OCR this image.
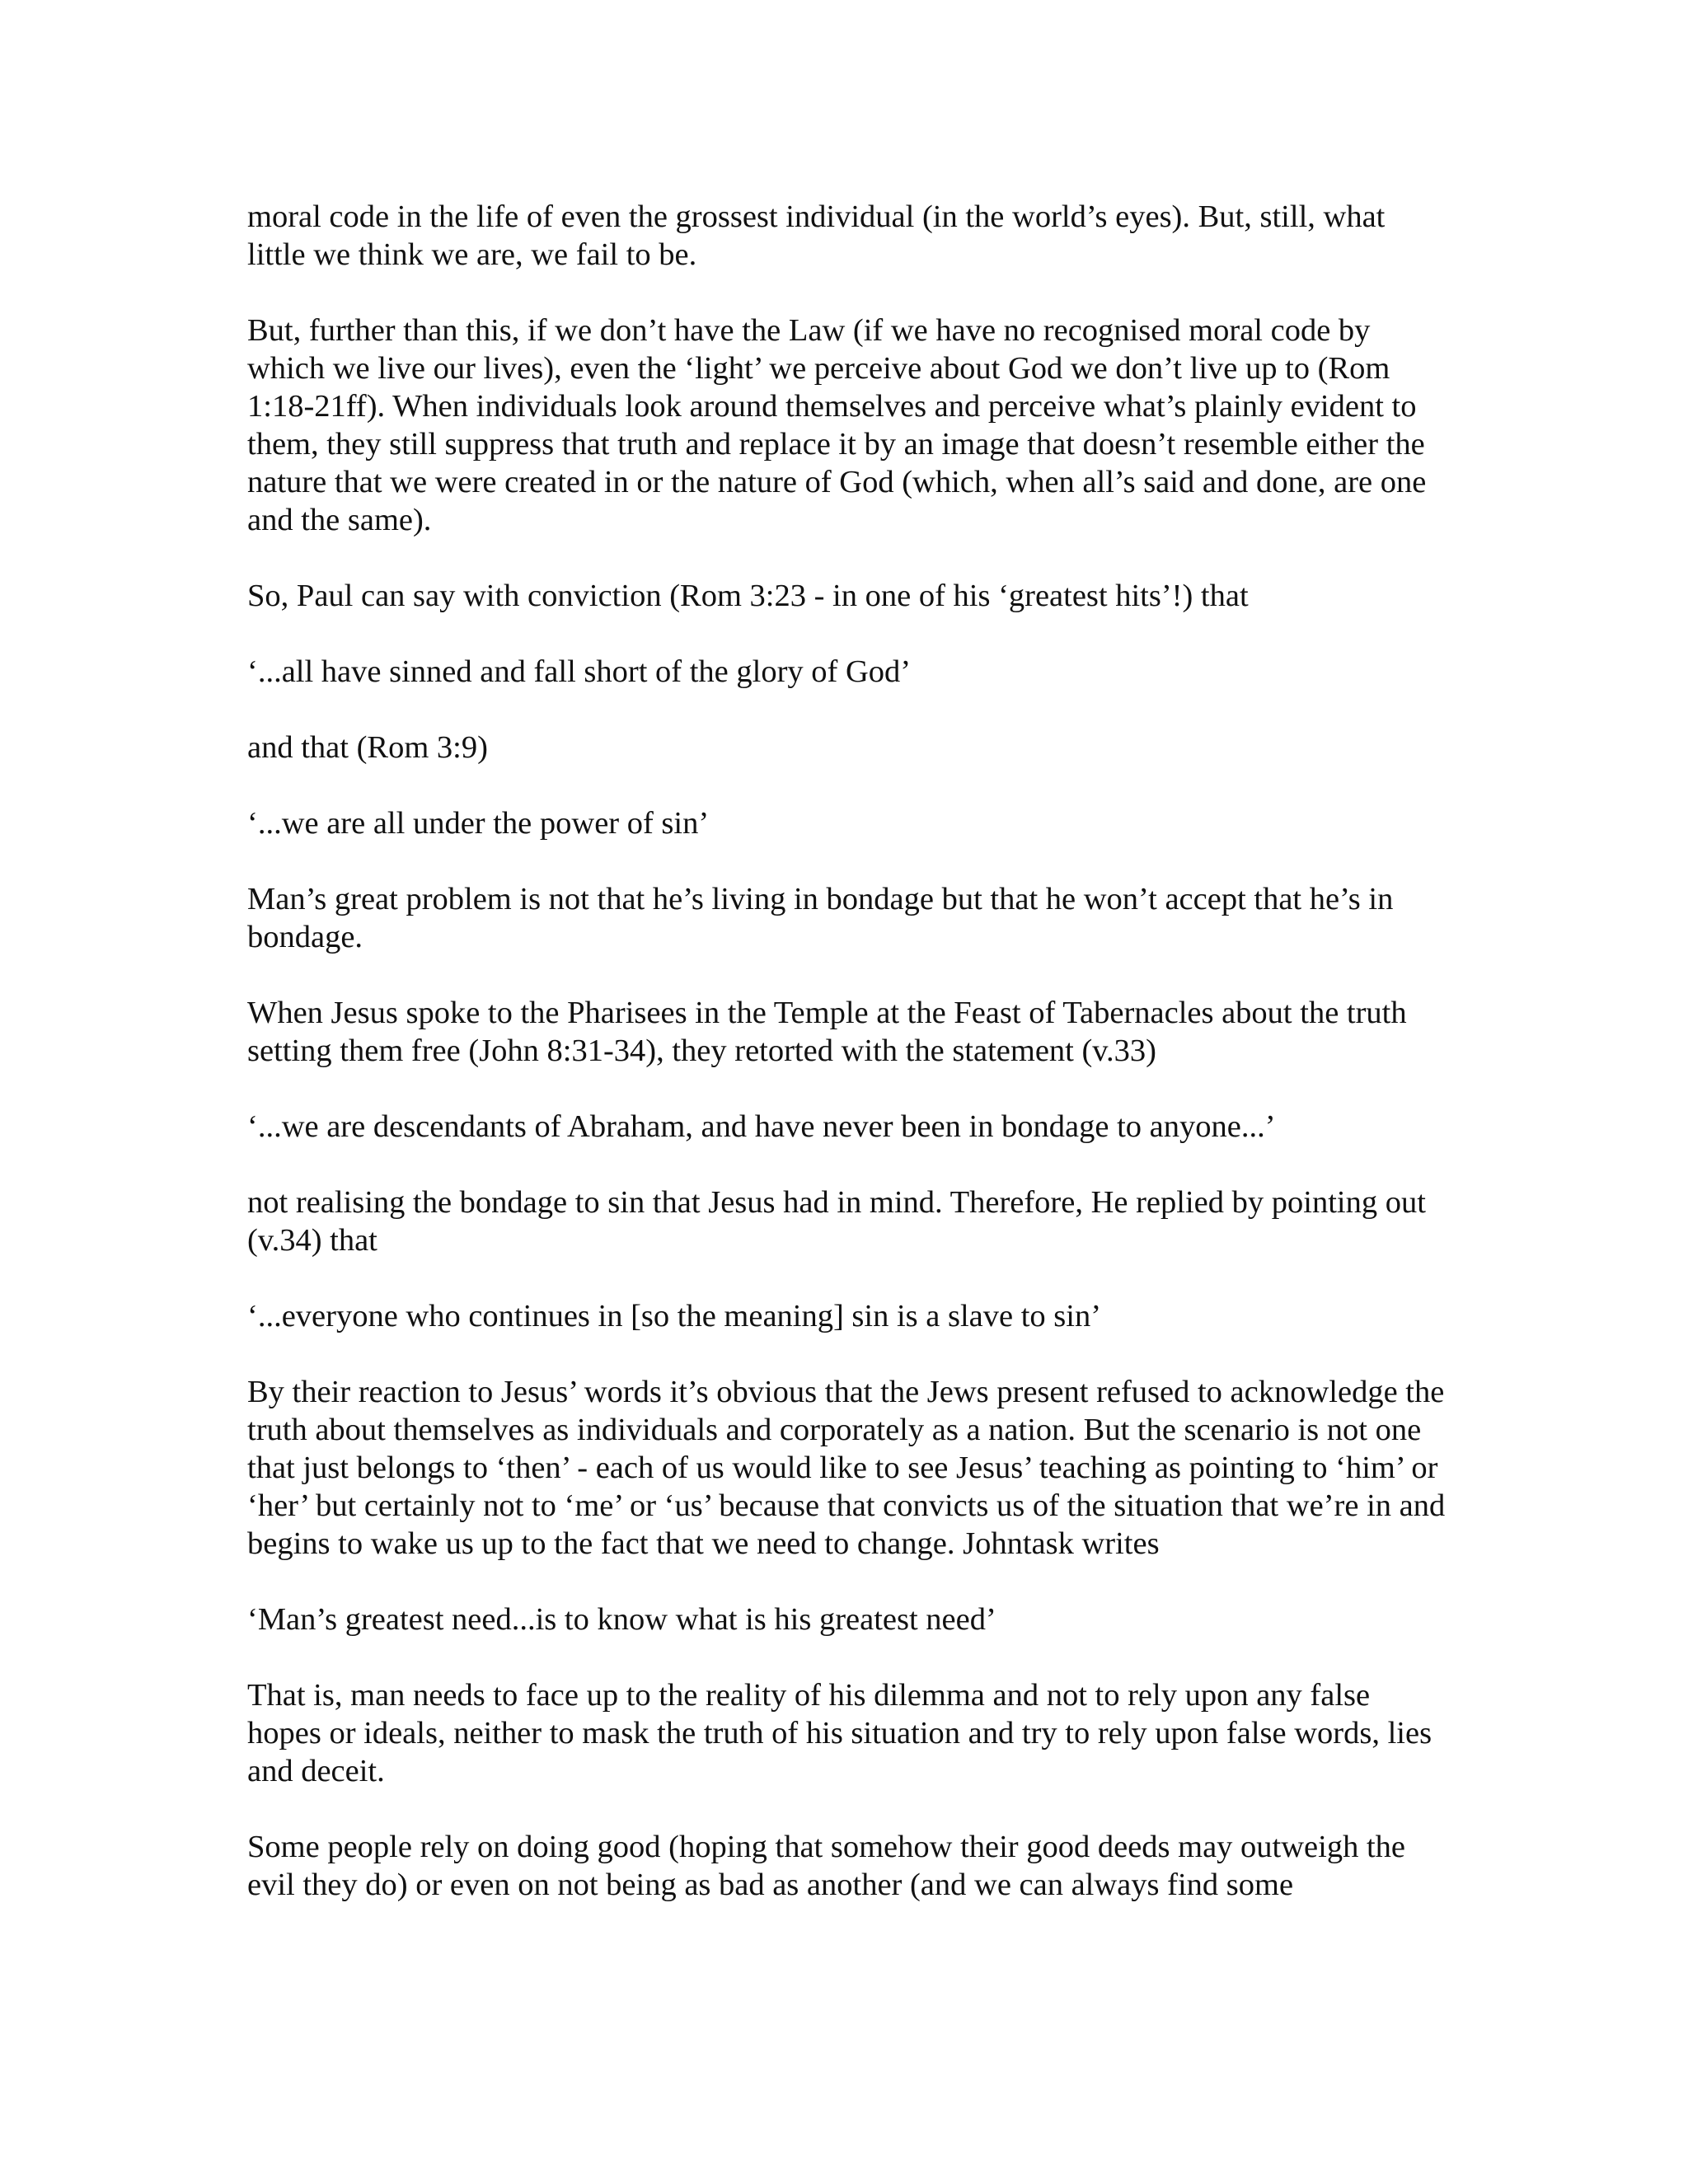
moral code in the life of even the grossest individual (in the world’s eyes). But, still, what little we think we are, we fail to be.

But, further than this, if we don’t have the Law (if we have no recognised moral code by which we live our lives), even the ‘light’ we perceive about God we don’t live up to (Rom 1:18-21ff). When individuals look around themselves and perceive what’s plainly evident to them, they still suppress that truth and replace it by an image that doesn’t resemble either the nature that we were created in or the nature of God (which, when all’s said and done, are one and the same).

So, Paul can say with conviction (Rom 3:23 - in one of his ‘greatest hits’!) that

‘...all have sinned and fall short of the glory of God’

and that (Rom 3:9)

‘...we are all under the power of sin’

Man’s great problem is not that he’s living in bondage but that he won’t accept that he’s in bondage.

When Jesus spoke to the Pharisees in the Temple at the Feast of Tabernacles about the truth setting them free (John 8:31-34), they retorted with the statement (v.33)

‘...we are descendants of Abraham, and have never been in bondage to anyone...’

not realising the bondage to sin that Jesus had in mind. Therefore, He replied by pointing out (v.34) that

‘...everyone who continues in [so the meaning] sin is a slave to sin’

By their reaction to Jesus’ words it’s obvious that the Jews present refused to acknowledge the truth about themselves as individuals and corporately as a nation. But the scenario is not one that just belongs to ‘then’ - each of us would like to see Jesus’ teaching as pointing to ‘him’ or ‘her’ but certainly not to ‘me’ or ‘us’ because that convicts us of the situation that we’re in and begins to wake us up to the fact that we need to change. Johntask writes

‘Man’s greatest need...is to know what is his greatest need’

That is, man needs to face up to the reality of his dilemma and not to rely upon any false hopes or ideals, neither to mask the truth of his situation and try to rely upon false words, lies and deceit.

Some people rely on doing good (hoping that somehow their good deeds may outweigh the evil they do) or even on not being as bad as another (and we can always find some
